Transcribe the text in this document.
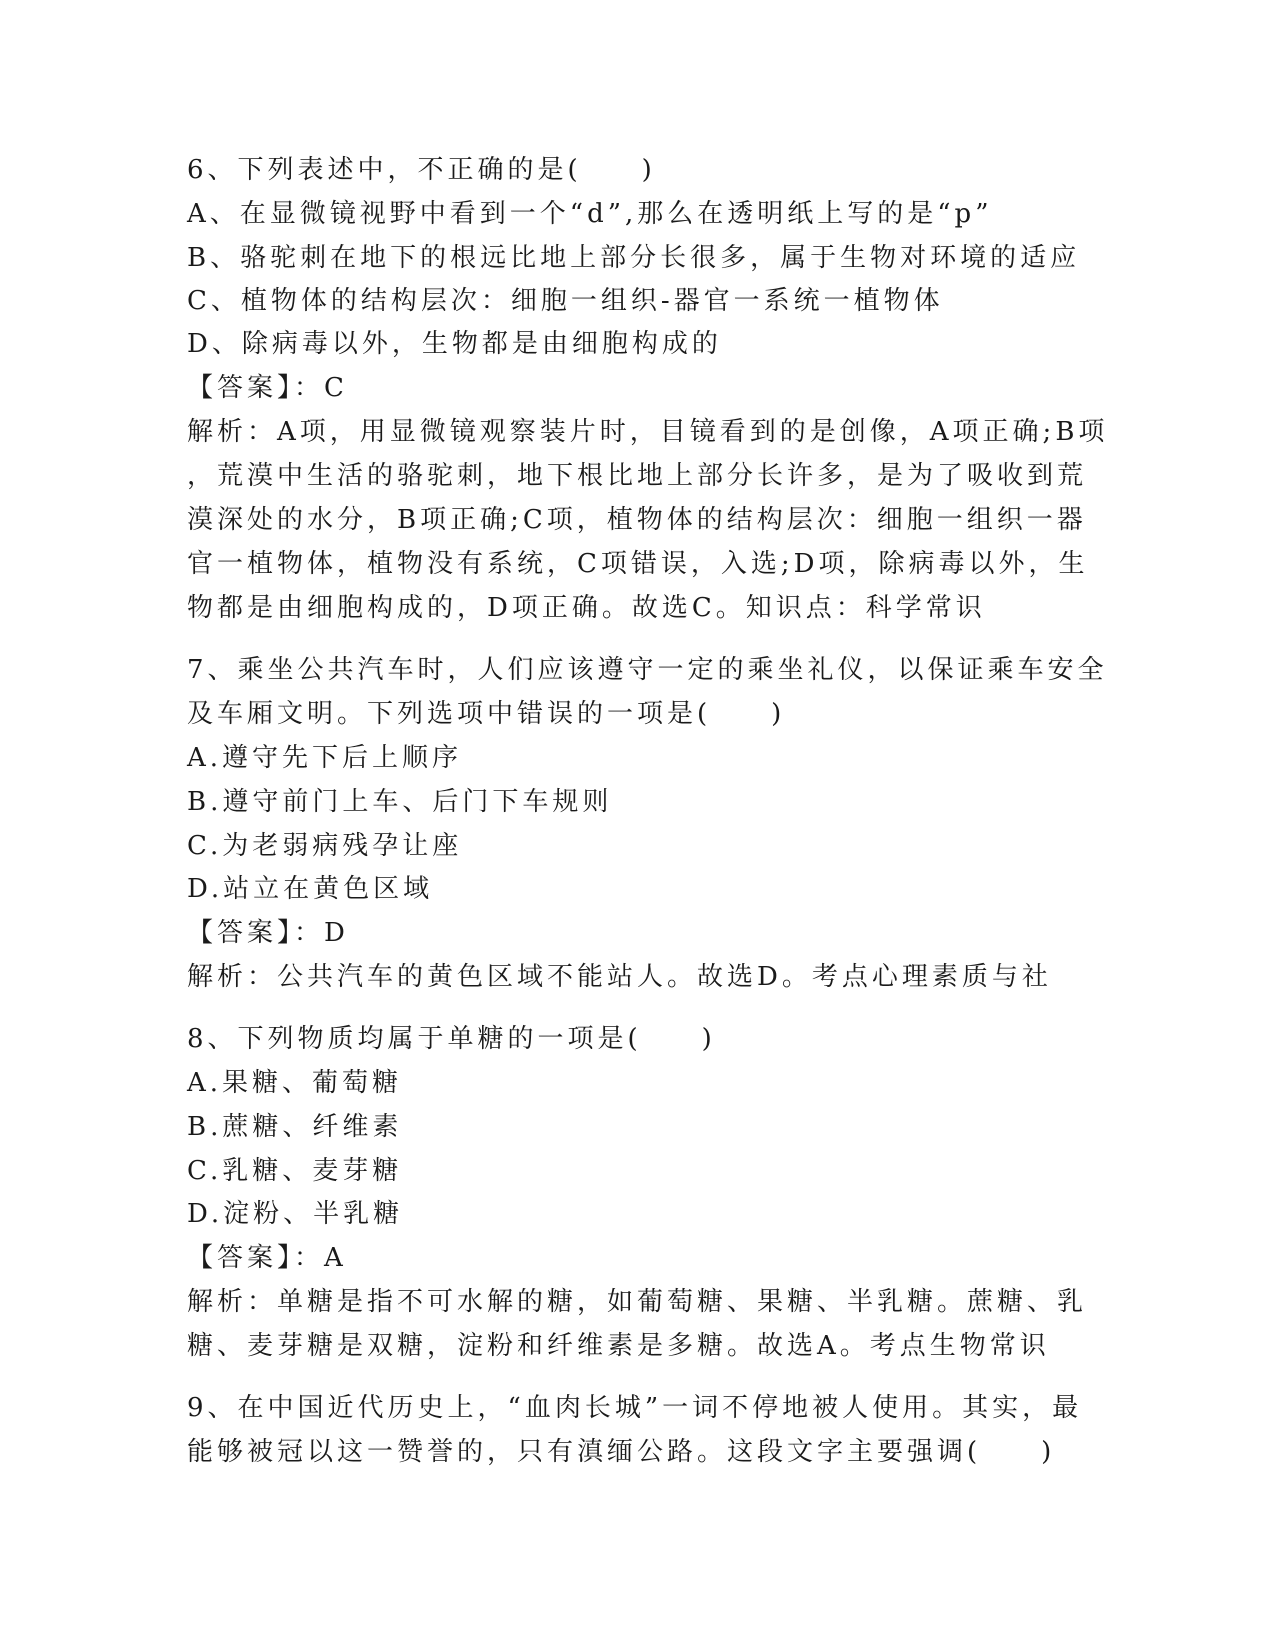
6、下列表述中，不正确的是(　　)
A、在显微镜视野中看到一个“d”,那么在透明纸上写的是“p”
B、骆驼刺在地下的根远比地上部分长很多，属于生物对环境的适应
C、植物体的结构层次：细胞一组织-器官一系统一植物体
D、除病毒以外，生物都是由细胞构成的
【答案】：C
解析：A项，用显微镜观察装片时，目镜看到的是创像，A项正确;B项
，荒漠中生活的骆驼刺，地下根比地上部分长许多，是为了吸收到荒
漠深处的水分，B项正确;C项，植物体的结构层次：细胞一组织一器
官一植物体，植物没有系统，C项错误，入选;D项，除病毒以外，生
物都是由细胞构成的，D项正确。故选C。知识点：科学常识
7、乘坐公共汽车时，人们应该遵守一定的乘坐礼仪，以保证乘车安全
及车厢文明。下列选项中错误的一项是(　　)
A.遵守先下后上顺序
B.遵守前门上车、后门下车规则
C.为老弱病残孕让座
D.站立在黄色区域
【答案】：D
解析：公共汽车的黄色区域不能站人。故选D。考点心理素质与社
8、下列物质均属于单糖的一项是(　　)
A.果糖、葡萄糖
B.蔗糖、纤维素
C.乳糖、麦芽糖
D.淀粉、半乳糖
【答案】：A
解析：单糖是指不可水解的糖，如葡萄糖、果糖、半乳糖。蔗糖、乳
糖、麦芽糖是双糖，淀粉和纤维素是多糖。故选A。考点生物常识
9、在中国近代历史上，“血肉长城”一词不停地被人使用。其实，最
能够被冠以这一赞誉的，只有滇缅公路。这段文字主要强调(　　)
